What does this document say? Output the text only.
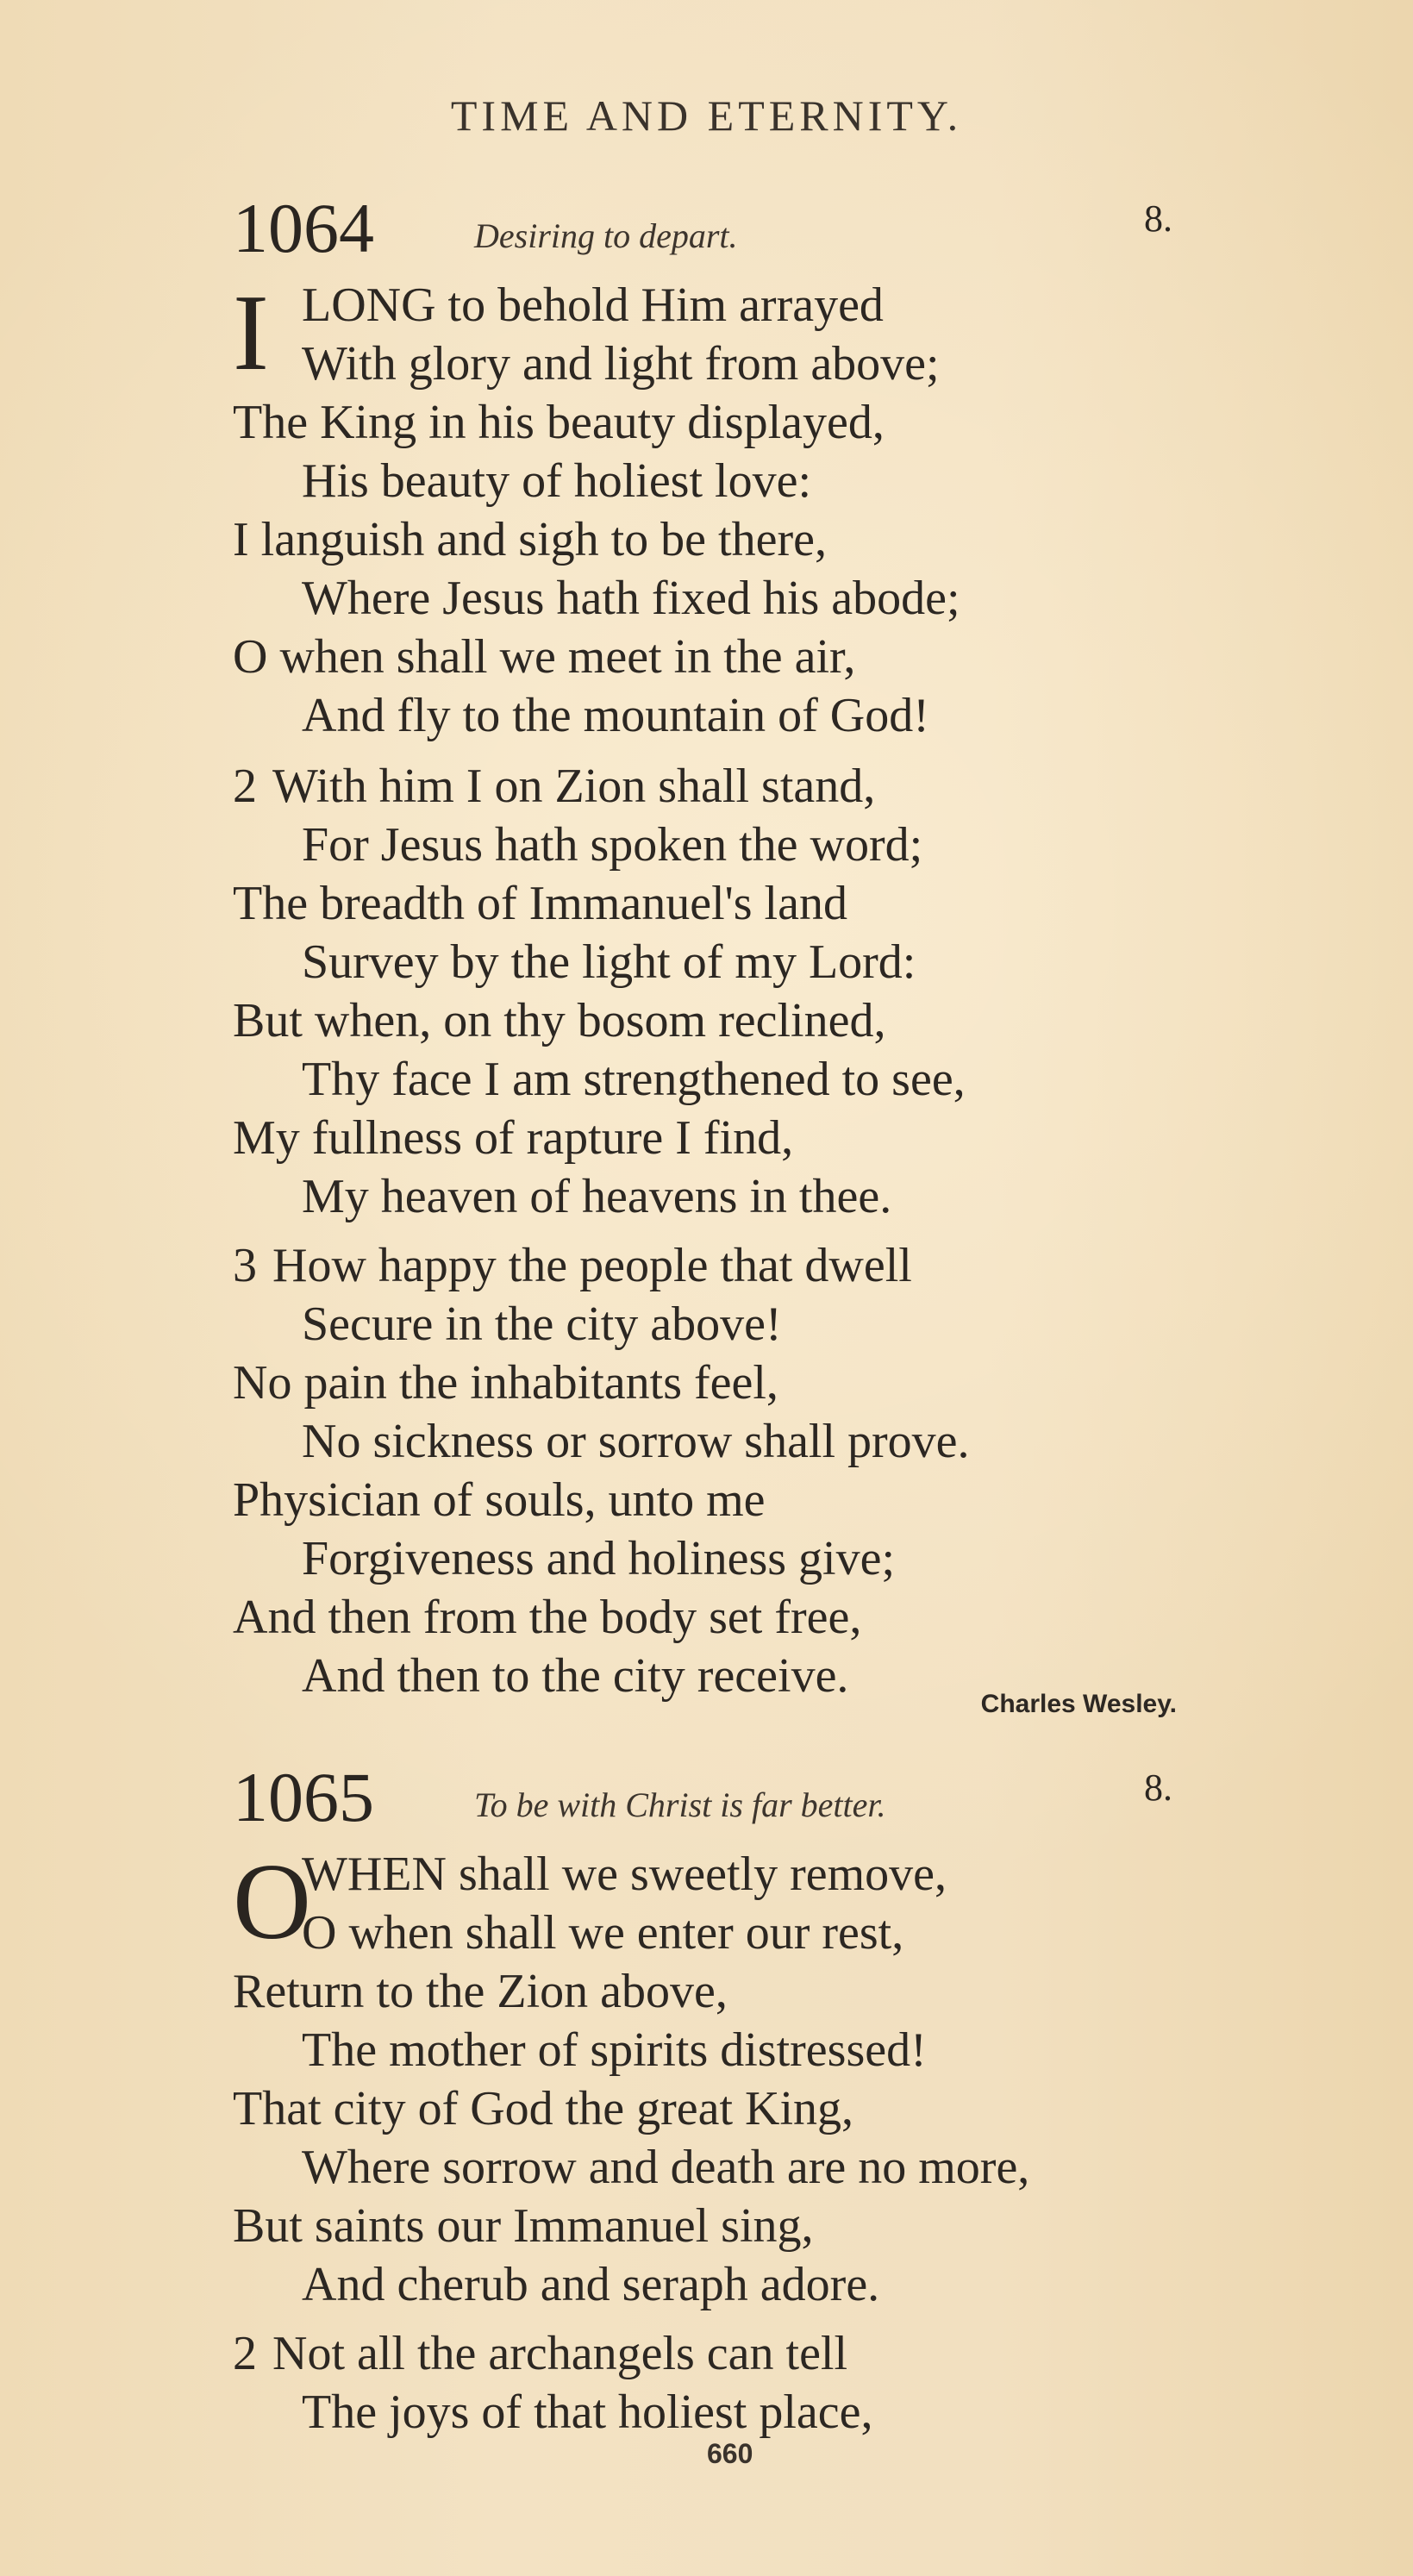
TIME AND ETERNITY.
1064	Desiring to depart.	8.
I LONG to behold Him arrayed
With glory and light from above;
The King in his beauty displayed,
His beauty of holiest love:
I languish and sigh to be there,
Where Jesus hath fixed his abode;
O when shall we meet in the air,
And fly to the mountain of God!
2 With him I on Zion shall stand,
For Jesus hath spoken the word;
The breadth of Immanuel's land
Survey by the light of my Lord:
But when, on thy bosom reclined,
Thy face I am strengthened to see,
My fullness of rapture I find,
My heaven of heavens in thee.
3 How happy the people that dwell
Secure in the city above!
No pain the inhabitants feel,
No sickness or sorrow shall prove.
Physician of souls, unto me
Forgiveness and holiness give;
And then from the body set free,
And then to the city receive.
Charles Wesley.
1065	To be with Christ is far better.	8.
O
WHEN shall we sweetly remove,
O when shall we enter our rest,
Return to the Zion above,
The mother of spirits distressed!
That city of God the great King,
Where sorrow and death are no more,
But saints our Immanuel sing,
And cherub and seraph adore.
2 Not all the archangels can tell
The joys of that holiest place,
660
